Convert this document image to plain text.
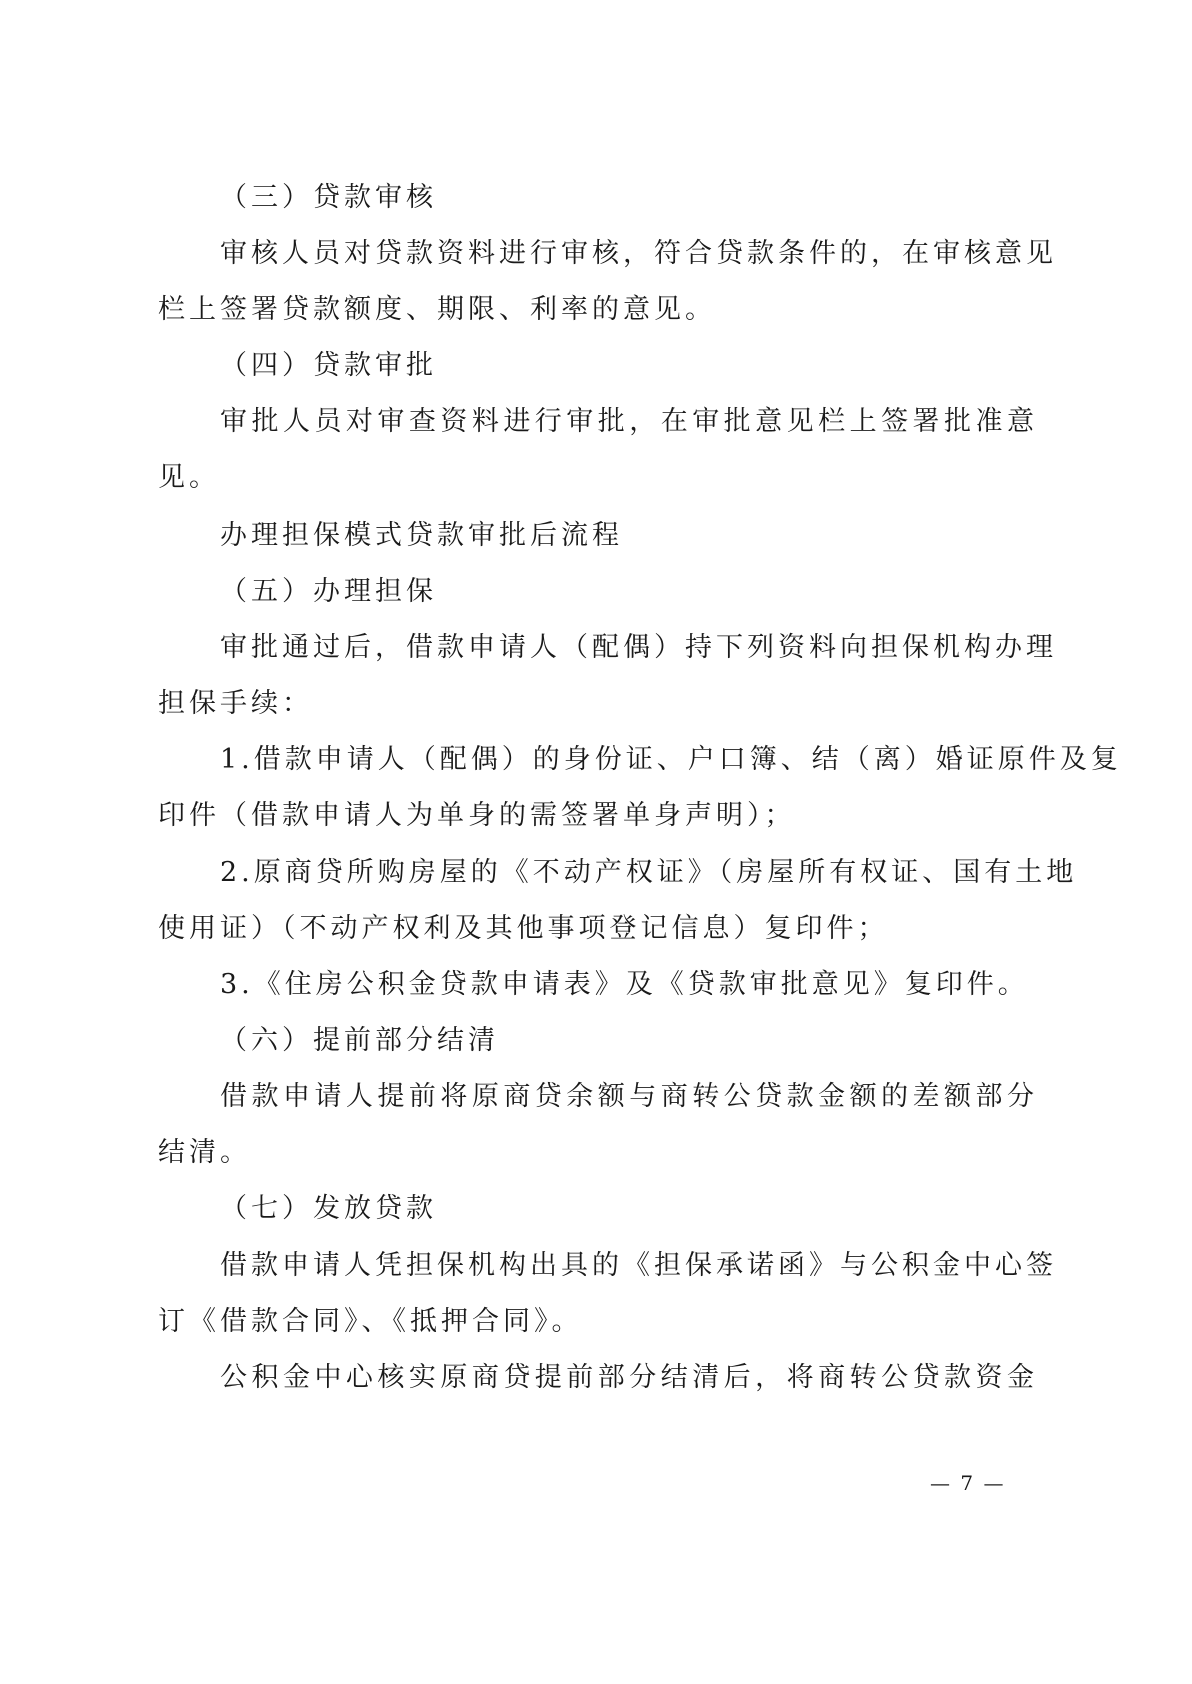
（三）贷款审核
审核人员对贷款资料进行审核，符合贷款条件的，在审核意见
栏上签署贷款额度、期限、利率的意见。
（四）贷款审批
审批人员对审查资料进行审批，在审批意见栏上签署批准意
见。
办理担保模式贷款审批后流程
（五）办理担保
审批通过后，借款申请人（配偶）持下列资料向担保机构办理
担保手续：
1.借款申请人（配偶）的身份证、户口簿、结（离）婚证原件及复
印件（借款申请人为单身的需签署单身声明）；
2.原商贷所购房屋的《不动产权证》（房屋所有权证、国有土地
使用证）（不动产权利及其他事项登记信息）复印件；
3.《住房公积金贷款申请表》及《贷款审批意见》复印件。
（六）提前部分结清
借款申请人提前将原商贷余额与商转公贷款金额的差额部分
结清。
（七）发放贷款
借款申请人凭担保机构出具的《担保承诺函》与公积金中心签
订《借款合同》、《抵押合同》。
公积金中心核实原商贷提前部分结清后，将商转公贷款资金
— 7 —
